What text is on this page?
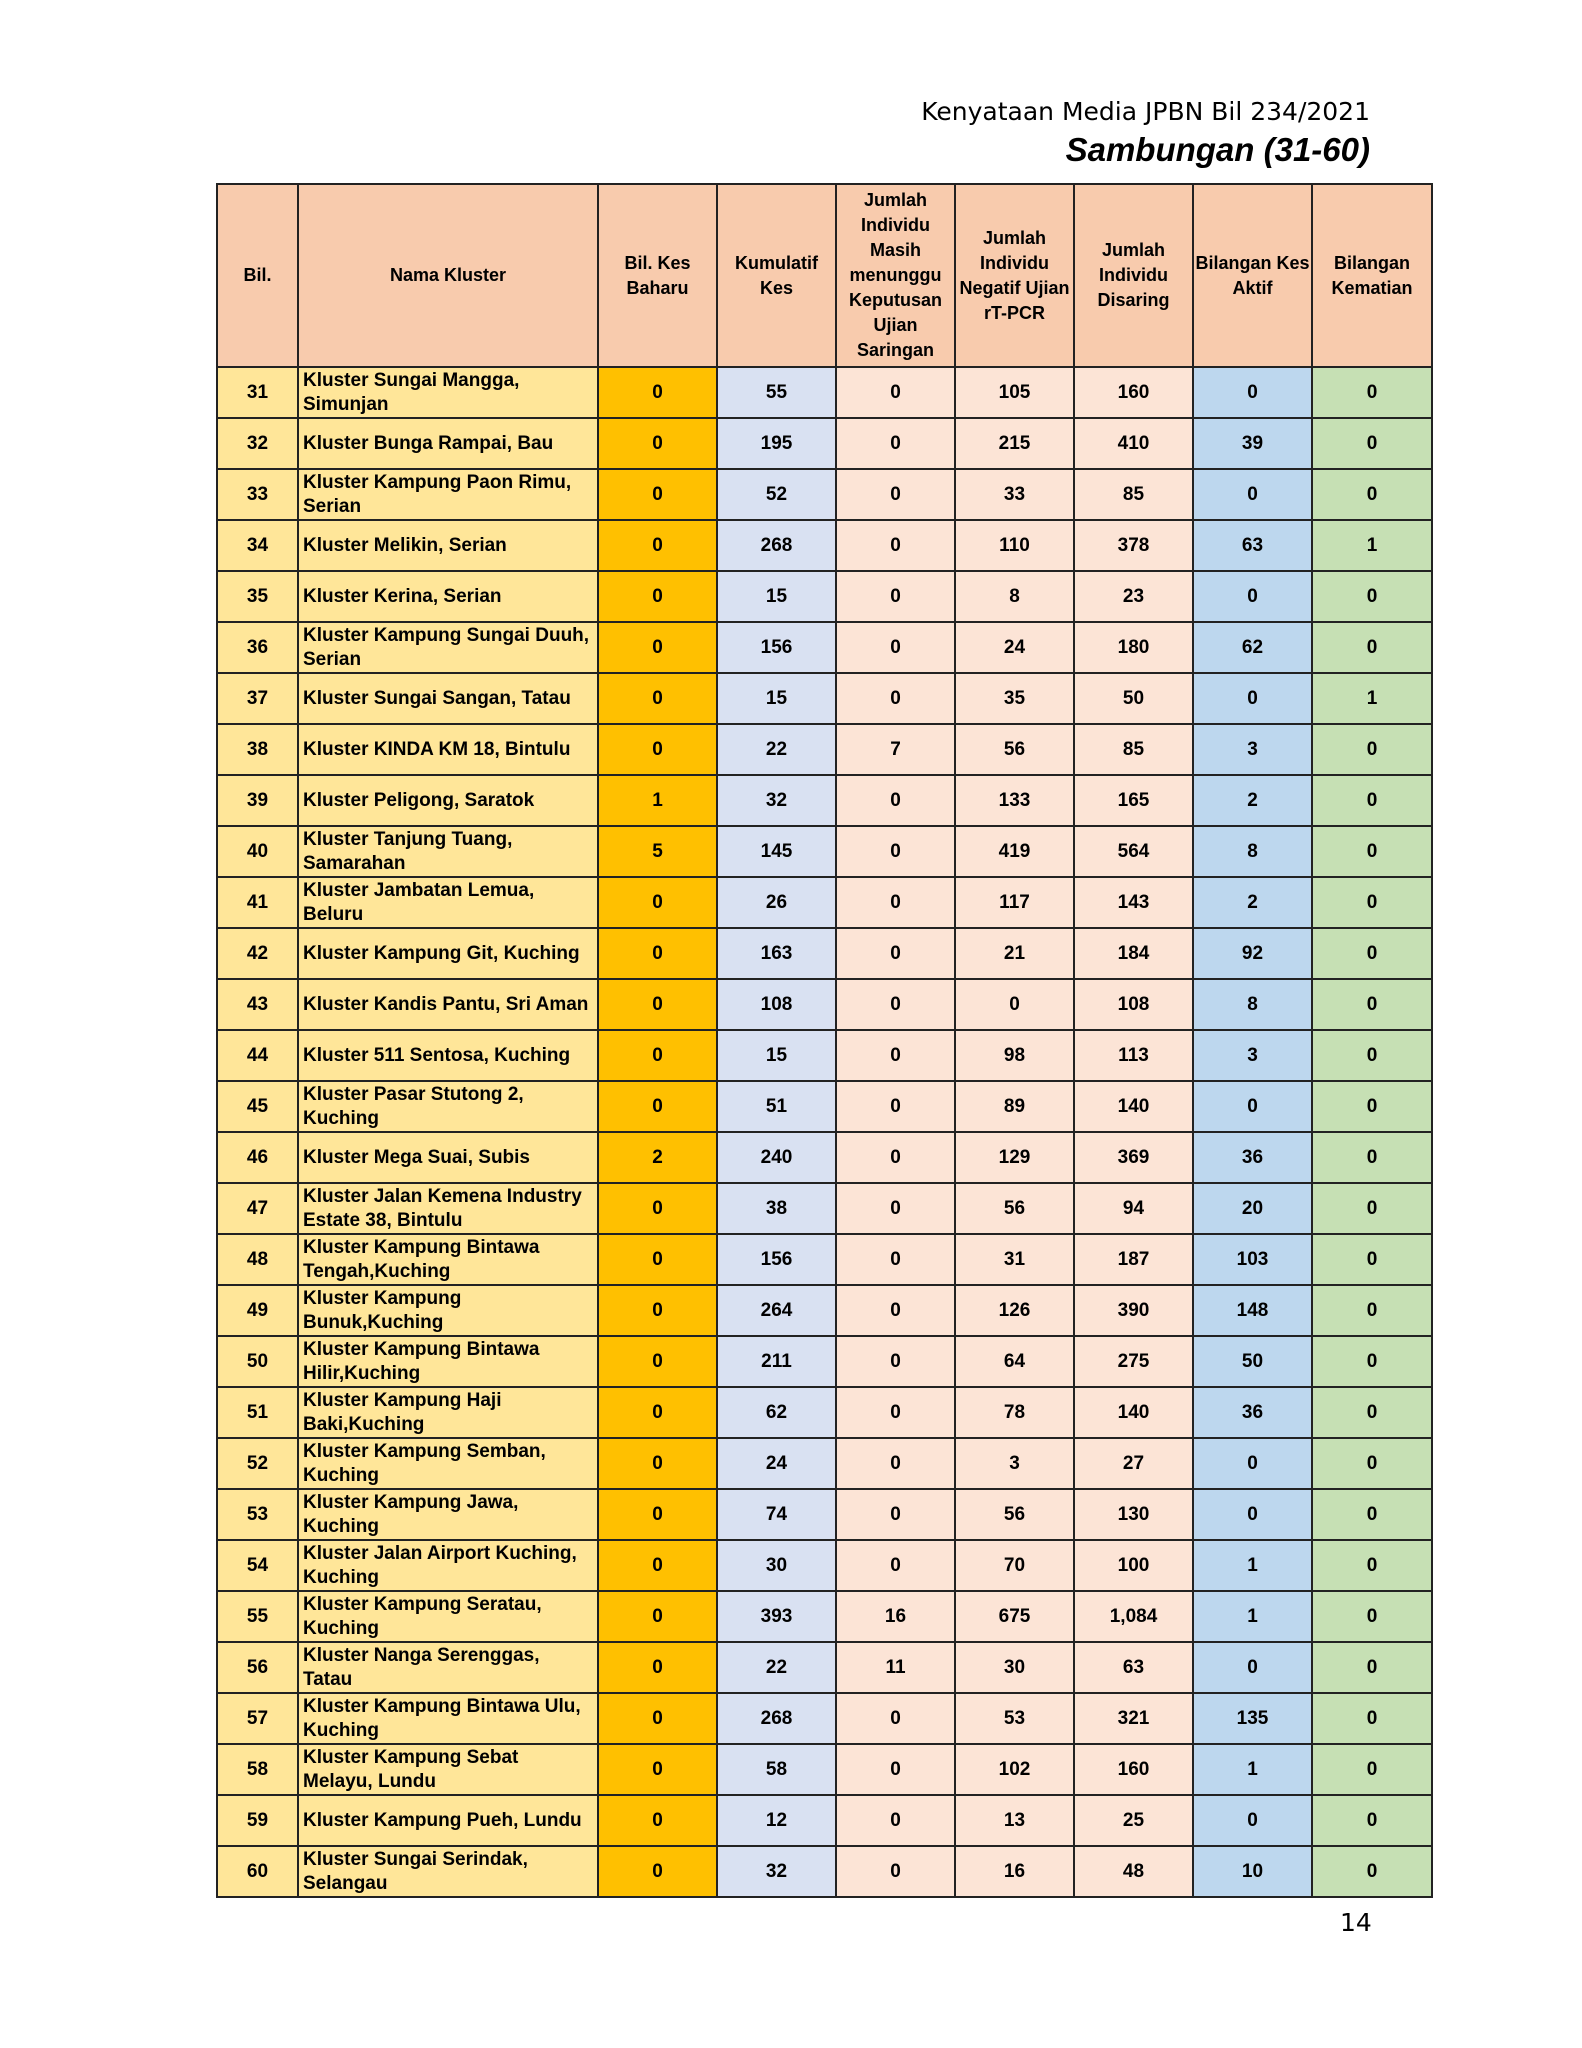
Kenyataan Media JPBN Bil 234/2021
Sambungan (31-60)
Bil.	Nama Kluster	Bil. Kes Baharu	Kumulatif Kes	Jumlah Individu Masih menunggu Keputusan Ujian Saringan	Jumlah Individu Negatif Ujian rT-PCR	Jumlah Individu Disaring	Bilangan Kes Aktif	Bilangan Kematian
31	Kluster Sungai Mangga, Simunjan	0	55	0	105	160	0	0
32	Kluster Bunga Rampai, Bau	0	195	0	215	410	39	0
33	Kluster Kampung Paon Rimu, Serian	0	52	0	33	85	0	0
34	Kluster Melikin, Serian	0	268	0	110	378	63	1
35	Kluster Kerina, Serian	0	15	0	8	23	0	0
36	Kluster Kampung Sungai Duuh, Serian	0	156	0	24	180	62	0
37	Kluster Sungai Sangan, Tatau	0	15	0	35	50	0	1
38	Kluster KINDA KM 18, Bintulu	0	22	7	56	85	3	0
39	Kluster Peligong, Saratok	1	32	0	133	165	2	0
40	Kluster Tanjung Tuang, Samarahan	5	145	0	419	564	8	0
41	Kluster Jambatan Lemua, Beluru	0	26	0	117	143	2	0
42	Kluster Kampung Git, Kuching	0	163	0	21	184	92	0
43	Kluster Kandis Pantu, Sri Aman	0	108	0	0	108	8	0
44	Kluster 511 Sentosa, Kuching	0	15	0	98	113	3	0
45	Kluster Pasar Stutong 2, Kuching	0	51	0	89	140	0	0
46	Kluster Mega Suai, Subis	2	240	0	129	369	36	0
47	Kluster Jalan Kemena Industry Estate 38, Bintulu	0	38	0	56	94	20	0
48	Kluster Kampung Bintawa Tengah,Kuching	0	156	0	31	187	103	0
49	Kluster Kampung Bunuk,Kuching	0	264	0	126	390	148	0
50	Kluster Kampung Bintawa Hilir,Kuching	0	211	0	64	275	50	0
51	Kluster Kampung Haji Baki,Kuching	0	62	0	78	140	36	0
52	Kluster Kampung Semban, Kuching	0	24	0	3	27	0	0
53	Kluster Kampung Jawa, Kuching	0	74	0	56	130	0	0
54	Kluster Jalan Airport Kuching, Kuching	0	30	0	70	100	1	0
55	Kluster Kampung Seratau, Kuching	0	393	16	675	1,084	1	0
56	Kluster Nanga Serenggas, Tatau	0	22	11	30	63	0	0
57	Kluster Kampung Bintawa Ulu, Kuching	0	268	0	53	321	135	0
58	Kluster Kampung Sebat Melayu, Lundu	0	58	0	102	160	1	0
59	Kluster Kampung Pueh, Lundu	0	12	0	13	25	0	0
60	Kluster Sungai Serindak, Selangau	0	32	0	16	48	10	0
14
